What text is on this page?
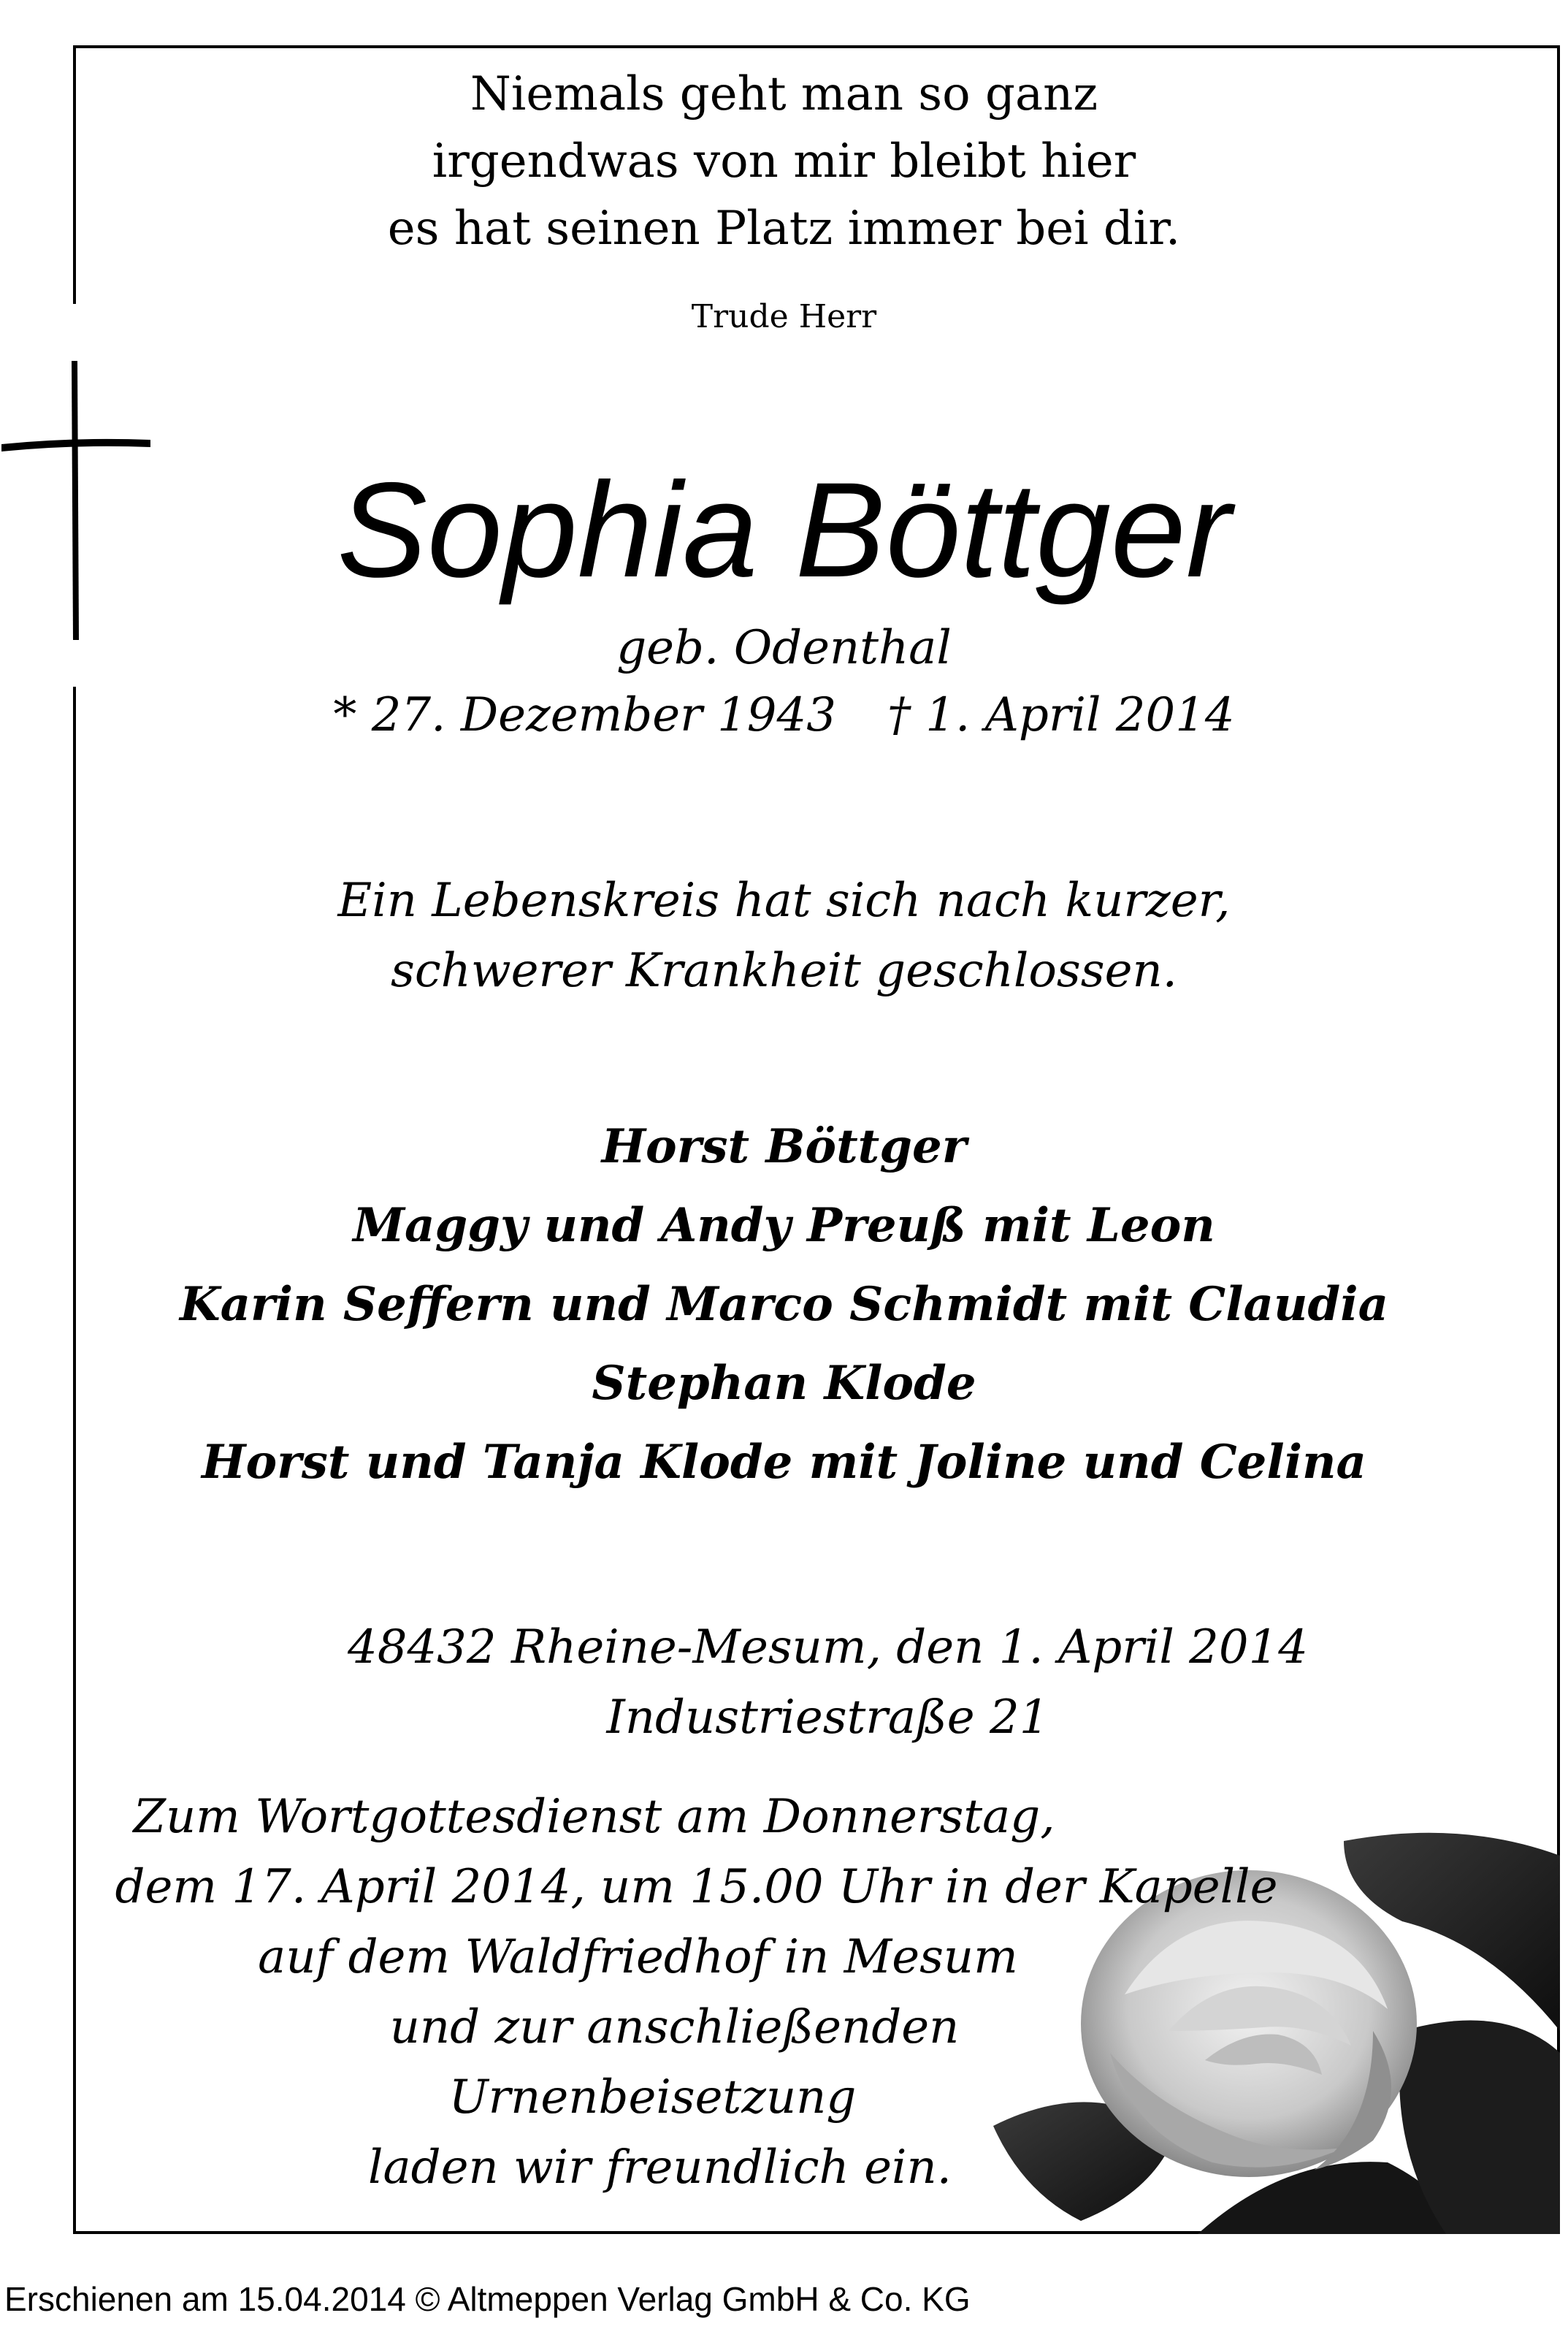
Niemals geht man so ganz
irgendwas von mir bleibt hier
es hat seinen Platz immer bei dir.
Trude Herr
Sophia Böttger
geb. Odenthal
* 27. Dezember 1943 † 1. April 2014
Ein Lebenskreis hat sich nach kurzer,
schwerer Krankheit geschlossen.
Horst Böttger
Maggy und Andy Preuß mit Leon
Karin Seffern und Marco Schmidt mit Claudia
Stephan Klode
Horst und Tanja Klode mit Joline und Celina
48432 Rheine-Mesum, den 1. April 2014
Industriestraße 21
Zum Wortgottesdienst am Donnerstag,
dem 17. April 2014, um 15.00 Uhr in der Kapelle
auf dem Waldfriedhof in Mesum
und zur anschließenden
Urnenbeisetzung
laden wir freundlich ein.
Erschienen am 15.04.2014 © Altmeppen Verlag GmbH & Co. KG
